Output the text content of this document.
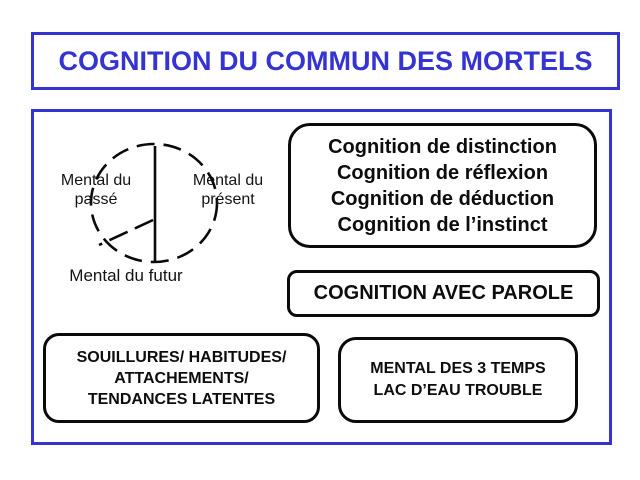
COGNITION DU COMMUN DES MORTELS
Mental du
passé
Mental du
présent
Mental du futur
Cognition de distinction
Cognition de réflexion
Cognition de déduction
Cognition de l’instinct
COGNITION AVEC PAROLE
SOUILLURES/ HABITUDES/
ATTACHEMENTS/
TENDANCES LATENTES
MENTAL DES 3 TEMPS
LAC D’EAU TROUBLE
